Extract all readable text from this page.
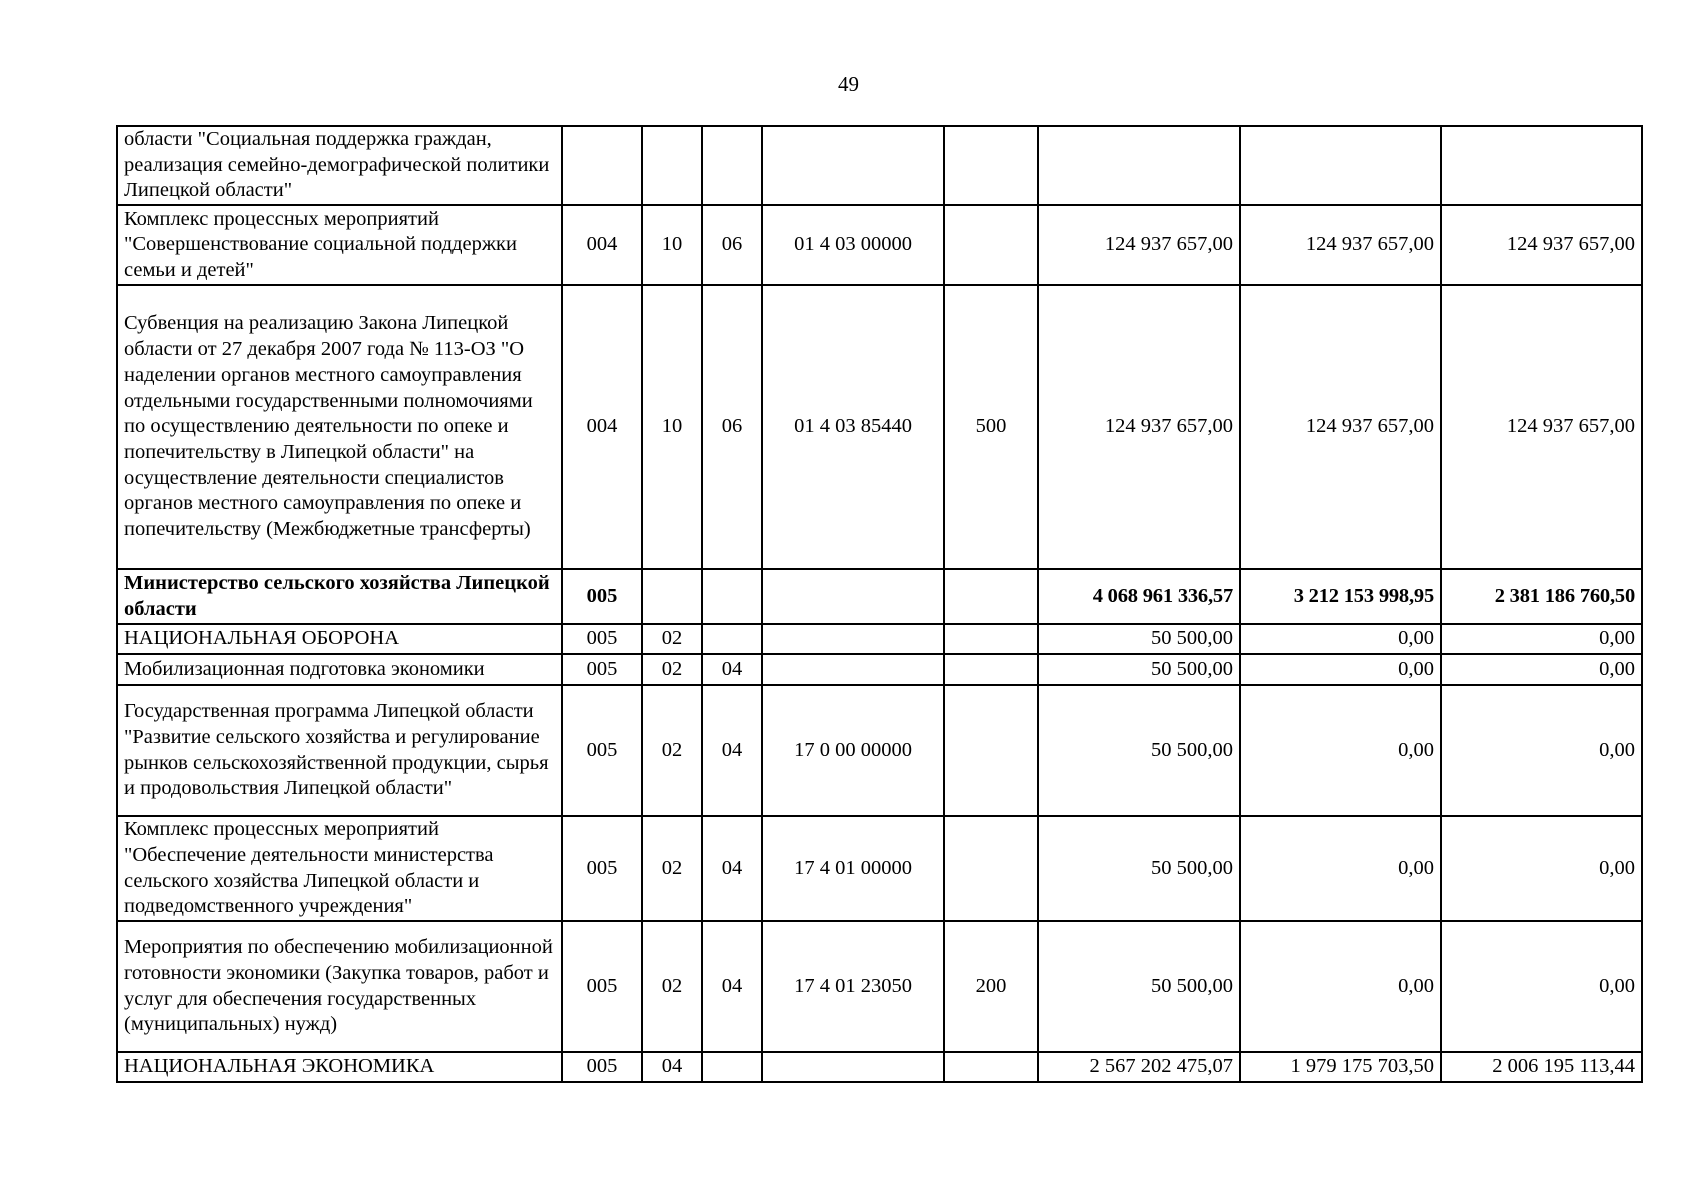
49
области "Социальная поддержка граждан, реализация семейно-демографической политики Липецкой области"								
Комплекс процессных мероприятий "Совершенствование социальной поддержки семьи и детей"	004	10	06	01 4 03 00000		124 937 657,00	124 937 657,00	124 937 657,00
Субвенция на реализацию Закона Липецкой области от 27 декабря 2007 года № 113-ОЗ "О наделении органов местного самоуправления отдельными государственными полномочиями по осуществлению деятельности по опеке и попечительству в Липецкой области" на осуществление деятельности специалистов органов местного самоуправления по опеке и попечительству (Межбюджетные трансферты)	004	10	06	01 4 03 85440	500	124 937 657,00	124 937 657,00	124 937 657,00
Министерство сельского хозяйства Липецкой области	005					4 068 961 336,57	3 212 153 998,95	2 381 186 760,50
НАЦИОНАЛЬНАЯ ОБОРОНА	005	02				50 500,00	0,00	0,00
Мобилизационная подготовка экономики	005	02	04			50 500,00	0,00	0,00
Государственная программа Липецкой области "Развитие сельского хозяйства и регулирование рынков сельскохозяйственной продукции, сырья и продовольствия Липецкой области"	005	02	04	17 0 00 00000		50 500,00	0,00	0,00
Комплекс процессных мероприятий "Обеспечение деятельности министерства сельского хозяйства Липецкой области и подведомственного учреждения"	005	02	04	17 4 01 00000		50 500,00	0,00	0,00
Мероприятия по обеспечению мобилизационной готовности экономики (Закупка товаров, работ и услуг для обеспечения государственных (муниципальных) нужд)	005	02	04	17 4 01 23050	200	50 500,00	0,00	0,00
НАЦИОНАЛЬНАЯ ЭКОНОМИКА	005	04				2 567 202 475,07	1 979 175 703,50	2 006 195 113,44
